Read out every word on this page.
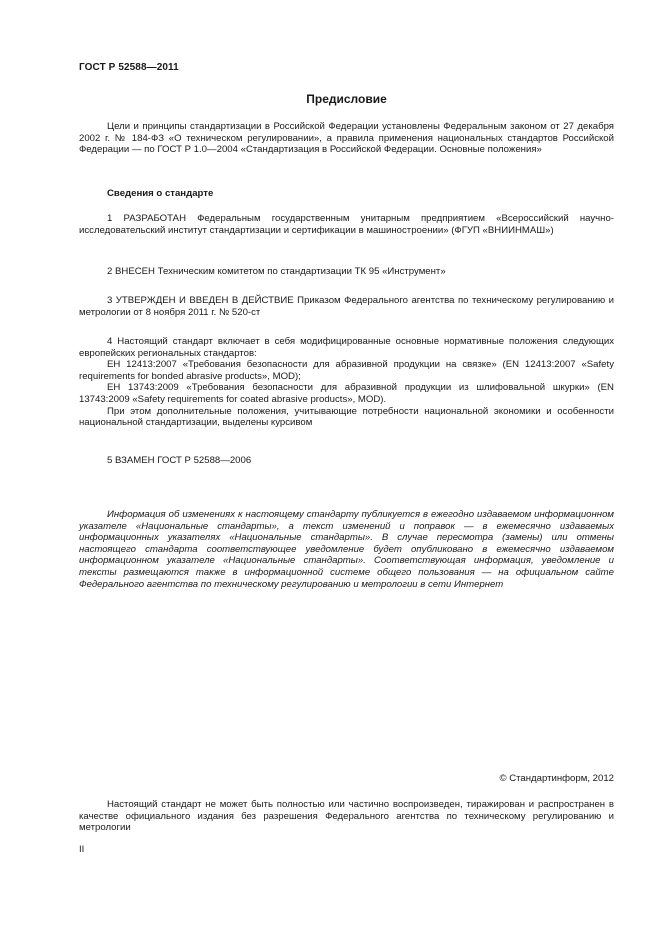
ГОСТ Р 52588—2011
Предисловие

Цели и принципы стандартизации в Российской Федерации установлены Федеральным законом от 27 декабря 2002 г. № 184-ФЗ «О техническом регулировании», а правила применения национальных стандартов Российской Федерации — по ГОСТ Р 1.0—2004 «Стандартизация в Российской Федерации. Основные положения»

Сведения о стандарте

1 РАЗРАБОТАН Федеральным государственным унитарным предприятием «Всероссийский научно-исследовательский институт стандартизации и сертификации в машиностроении» (ФГУП «ВНИИНМАШ»)

2 ВНЕСЕН Техническим комитетом по стандартизации ТК 95 «Инструмент»

3 УТВЕРЖДЕН И ВВЕДЕН В ДЕЙСТВИЕ Приказом Федерального агентства по техническому регулированию и метрологии от 8 ноября 2011 г. № 520-ст

4 Настоящий стандарт включает в себя модифицированные основные нормативные положения следующих европейских региональных стандартов:

ЕН 12413:2007 «Требования безопасности для абразивной продукции на связке» (EN 12413:2007 «Safety requirements for bonded abrasive products», MOD);

ЕН 13743:2009 «Требования безопасности для абразивной продукции из шлифовальной шкурки» (EN 13743:2009 «Safety requirements for coated abrasive products», MOD).

При этом дополнительные положения, учитывающие потребности национальной экономики и особенности национальной стандартизации, выделены курсивом

5 ВЗАМЕН ГОСТ Р 52588—2006

Информация об изменениях к настоящему стандарту публикуется в ежегодно издаваемом информационном указателе «Национальные стандарты», а текст изменений и поправок — в ежемесячно издаваемых информационных указателях «Национальные стандарты». В случае пересмотра (замены) или отмены настоящего стандарта соответствующее уведомление будет опубликовано в ежемесячно издаваемом информационном указателе «Национальные стандарты». Соответствующая информация, уведомление и тексты размещаются также в информационной системе общего пользования — на официальном сайте Федерального агентства по техническому регулированию и метрологии в сети Интернет

© Стандартинформ, 2012

Настоящий стандарт не может быть полностью или частично воспроизведен, тиражирован и распространен в качестве официального издания без разрешения Федерального агентства по техническому регулированию и метрологии

II
